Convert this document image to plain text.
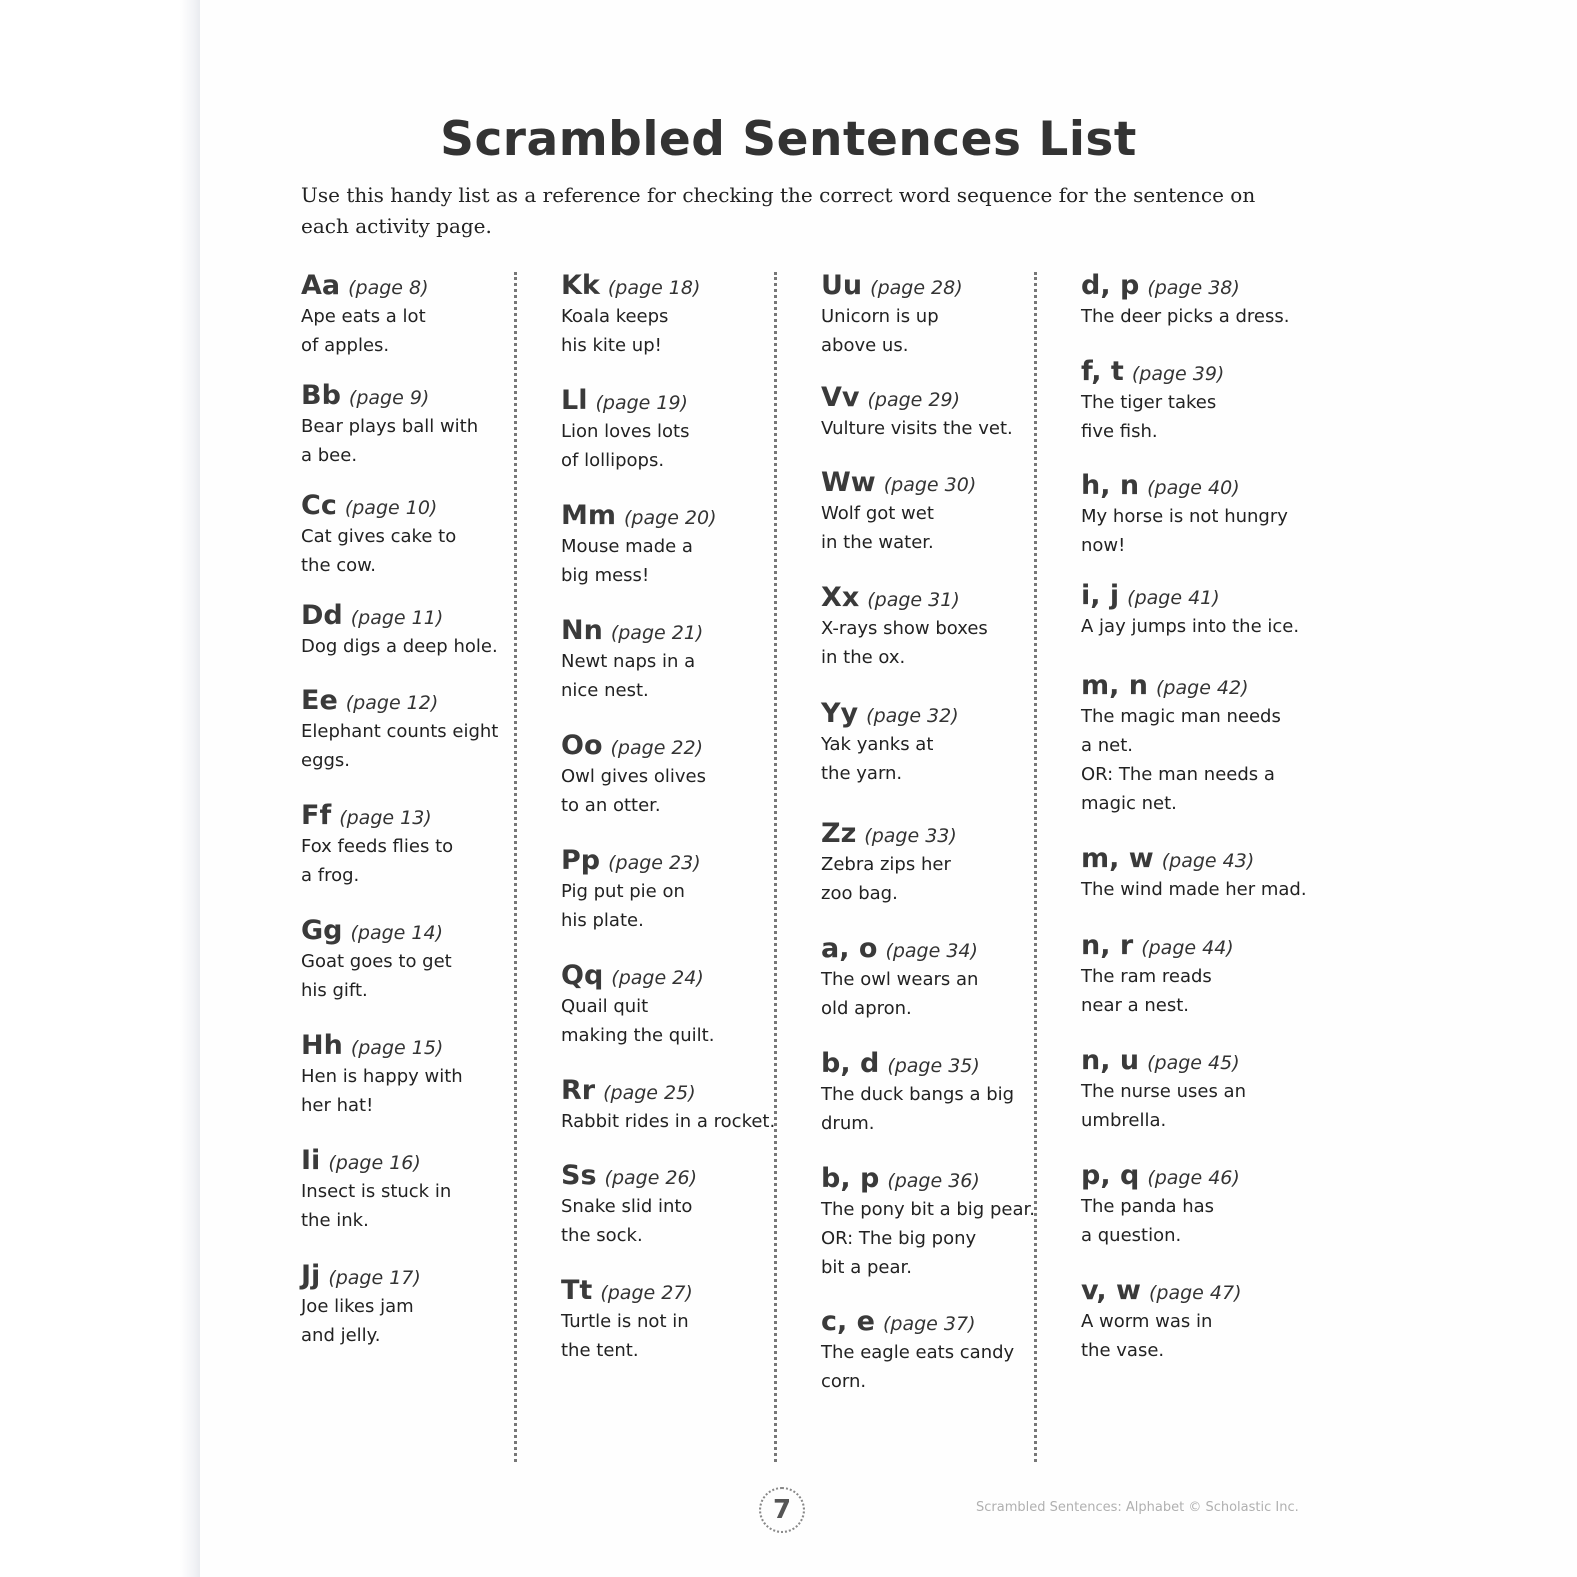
Scrambled Sentences List

Use this handy list as a reference for checking the correct word sequence for the sentence on each activity page.

Aa (page 8)
Ape eats a lot
of apples.
Bb (page 9)
Bear plays ball with
a bee.
Cc (page 10)
Cat gives cake to
the cow.
Dd (page 11)
Dog digs a deep hole.
Ee (page 12)
Elephant counts eight
eggs.
Ff (page 13)
Fox feeds flies to
a frog.
Gg (page 14)
Goat goes to get
his gift.
Hh (page 15)
Hen is happy with
her hat!
Ii (page 16)
Insect is stuck in
the ink.
Jj (page 17)
Joe likes jam
and jelly.
Kk (page 18)
Koala keeps
his kite up!
Ll (page 19)
Lion loves lots
of lollipops.
Mm (page 20)
Mouse made a
big mess!
Nn (page 21)
Newt naps in a
nice nest.
Oo (page 22)
Owl gives olives
to an otter.
Pp (page 23)
Pig put pie on
his plate.
Qq (page 24)
Quail quit
making the quilt.
Rr (page 25)
Rabbit rides in a rocket.
Ss (page 26)
Snake slid into
the sock.
Tt (page 27)
Turtle is not in
the tent.
Uu (page 28)
Unicorn is up
above us.
Vv (page 29)
Vulture visits the vet.
Ww (page 30)
Wolf got wet
in the water.
Xx (page 31)
X-rays show boxes
in the ox.
Yy (page 32)
Yak yanks at
the yarn.
Zz (page 33)
Zebra zips her
zoo bag.
a, o (page 34)
The owl wears an
old apron.
b, d (page 35)
The duck bangs a big
drum.
b, p (page 36)
The pony bit a big pear.
OR: The big pony
bit a pear.
c, e (page 37)
The eagle eats candy
corn.
d, p (page 38)
The deer picks a dress.
f, t (page 39)
The tiger takes
five fish.
h, n (page 40)
My horse is not hungry
now!
i, j (page 41)
A jay jumps into the ice.
m, n (page 42)
The magic man needs
a net.
OR: The man needs a
magic net.
m, w (page 43)
The wind made her mad.
n, r (page 44)
The ram reads
near a nest.
n, u (page 45)
The nurse uses an
umbrella.
p, q (page 46)
The panda has
a question.
v, w (page 47)
A worm was in
the vase.
7	Scrambled Sentences: Alphabet © Scholastic Inc.
